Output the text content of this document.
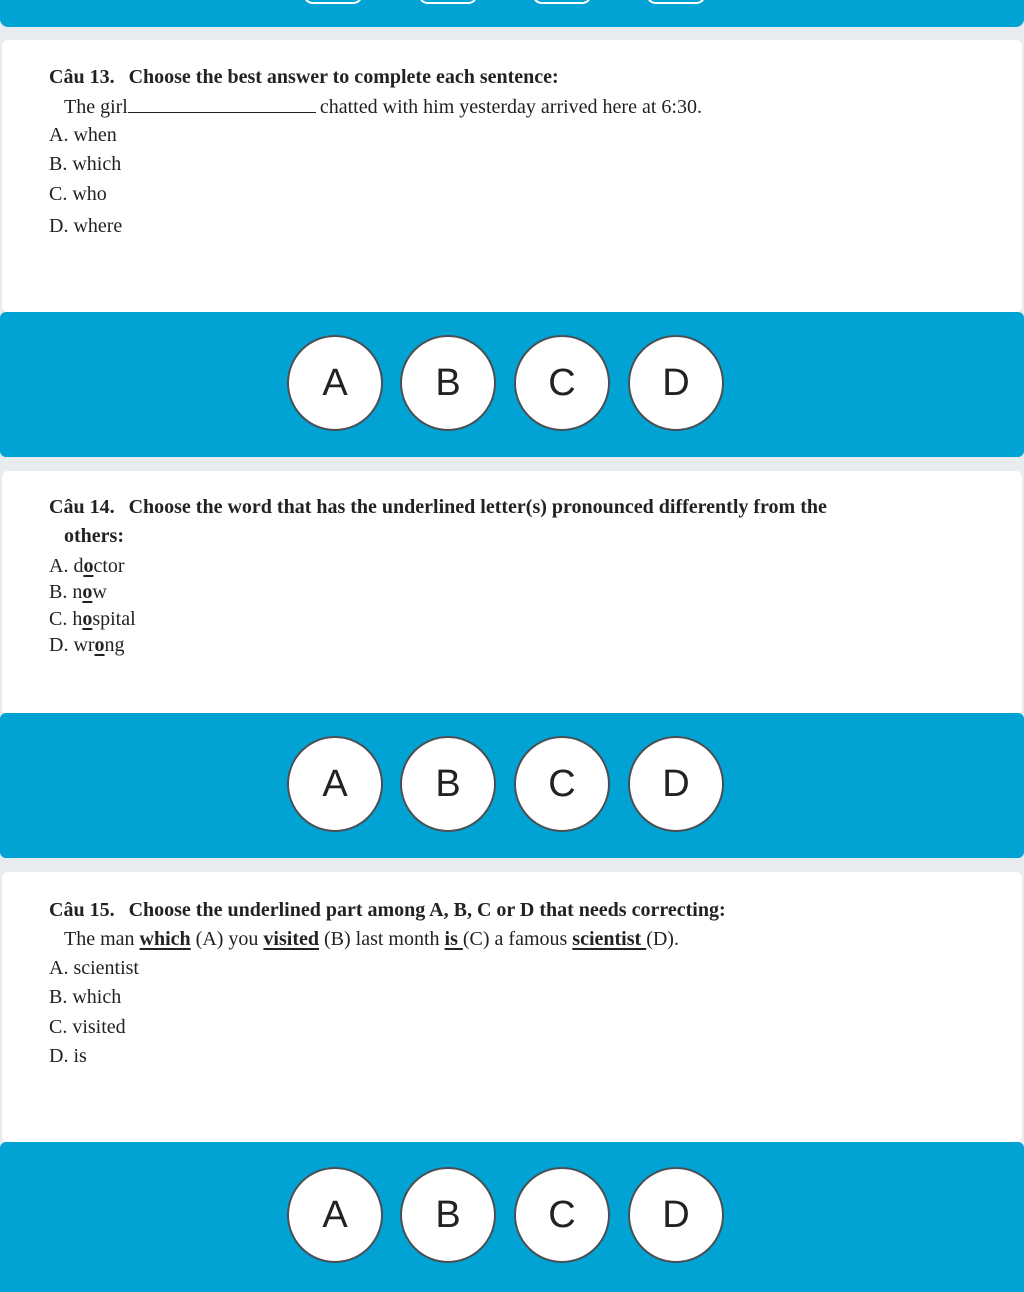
Câu 13. Choose the best answer to complete each sentence:
The girl	chatted with him yesterday arrived here at 6:30.
A. when
B. which
C. who
D. where
A	B	C	D
Câu 14. Choose the word that has the underlined letter(s) pronounced differently from the
others:
A. doctor
B. now
C. hospital
D. wrong
A	B	C	D
Câu 15. Choose the underlined part among A, B, C or D that needs correcting:
The man which (A) you visited (B) last month is (C) a famous scientist (D).
A. scientist
B. which
C. visited
D. is
A	B	C	D
